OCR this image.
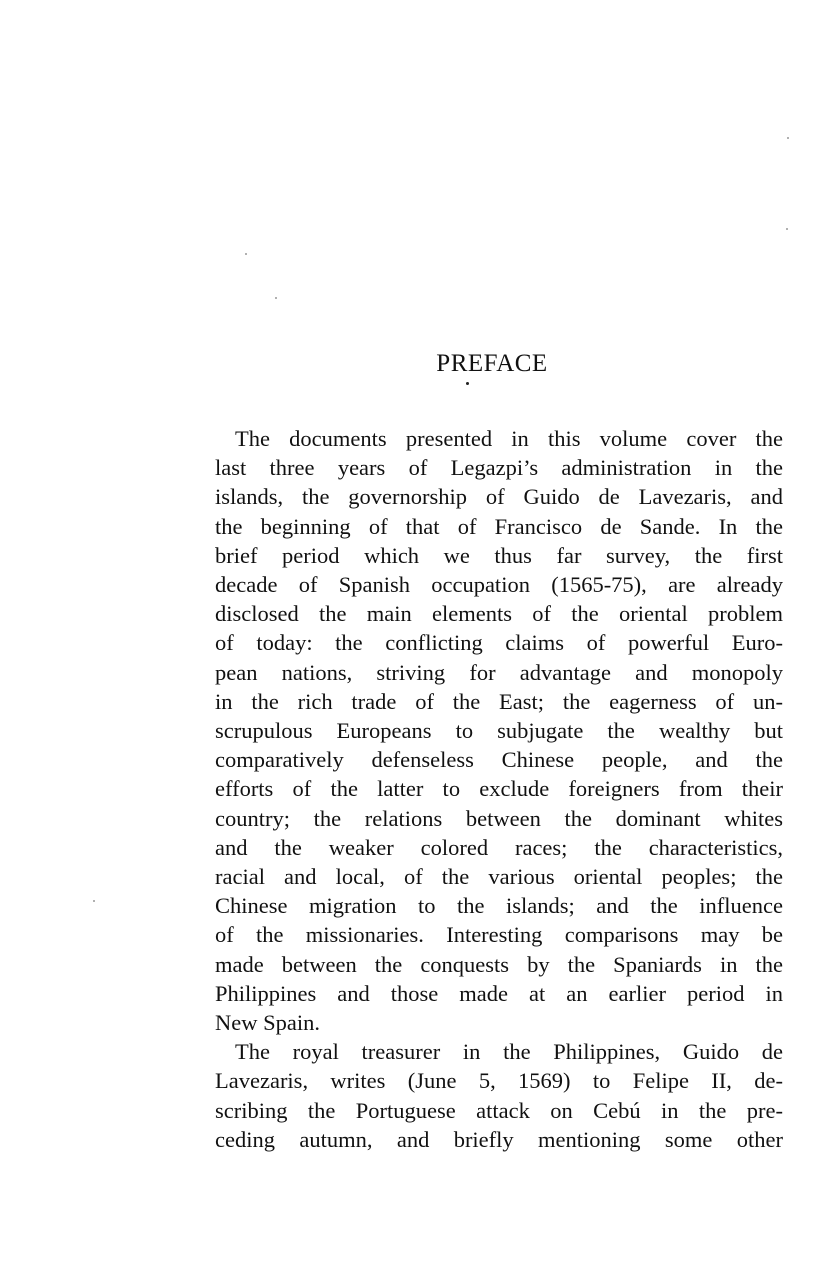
PREFACE
The documents presented in this volume cover the
last three years of Legazpi’s administration in the
islands, the governorship of Guido de Lavezaris, and
the beginning of that of Francisco de Sande. In the
brief period which we thus far survey, the first
decade of Spanish occupation (1565-75), are already
disclosed the main elements of the oriental problem
of today: the conflicting claims of powerful Euro-
pean nations, striving for advantage and monopoly
in the rich trade of the East; the eagerness of un-
scrupulous Europeans to subjugate the wealthy but
comparatively defenseless Chinese people, and the
efforts of the latter to exclude foreigners from their
country; the relations between the dominant whites
and the weaker colored races; the characteristics,
racial and local, of the various oriental peoples; the
Chinese migration to the islands; and the influence
of the missionaries. Interesting comparisons may be
made between the conquests by the Spaniards in the
Philippines and those made at an earlier period in
New Spain.
The royal treasurer in the Philippines, Guido de
Lavezaris, writes (June 5, 1569) to Felipe II, de-
scribing the Portuguese attack on Cebú in the pre-
ceding autumn, and briefly mentioning some other
